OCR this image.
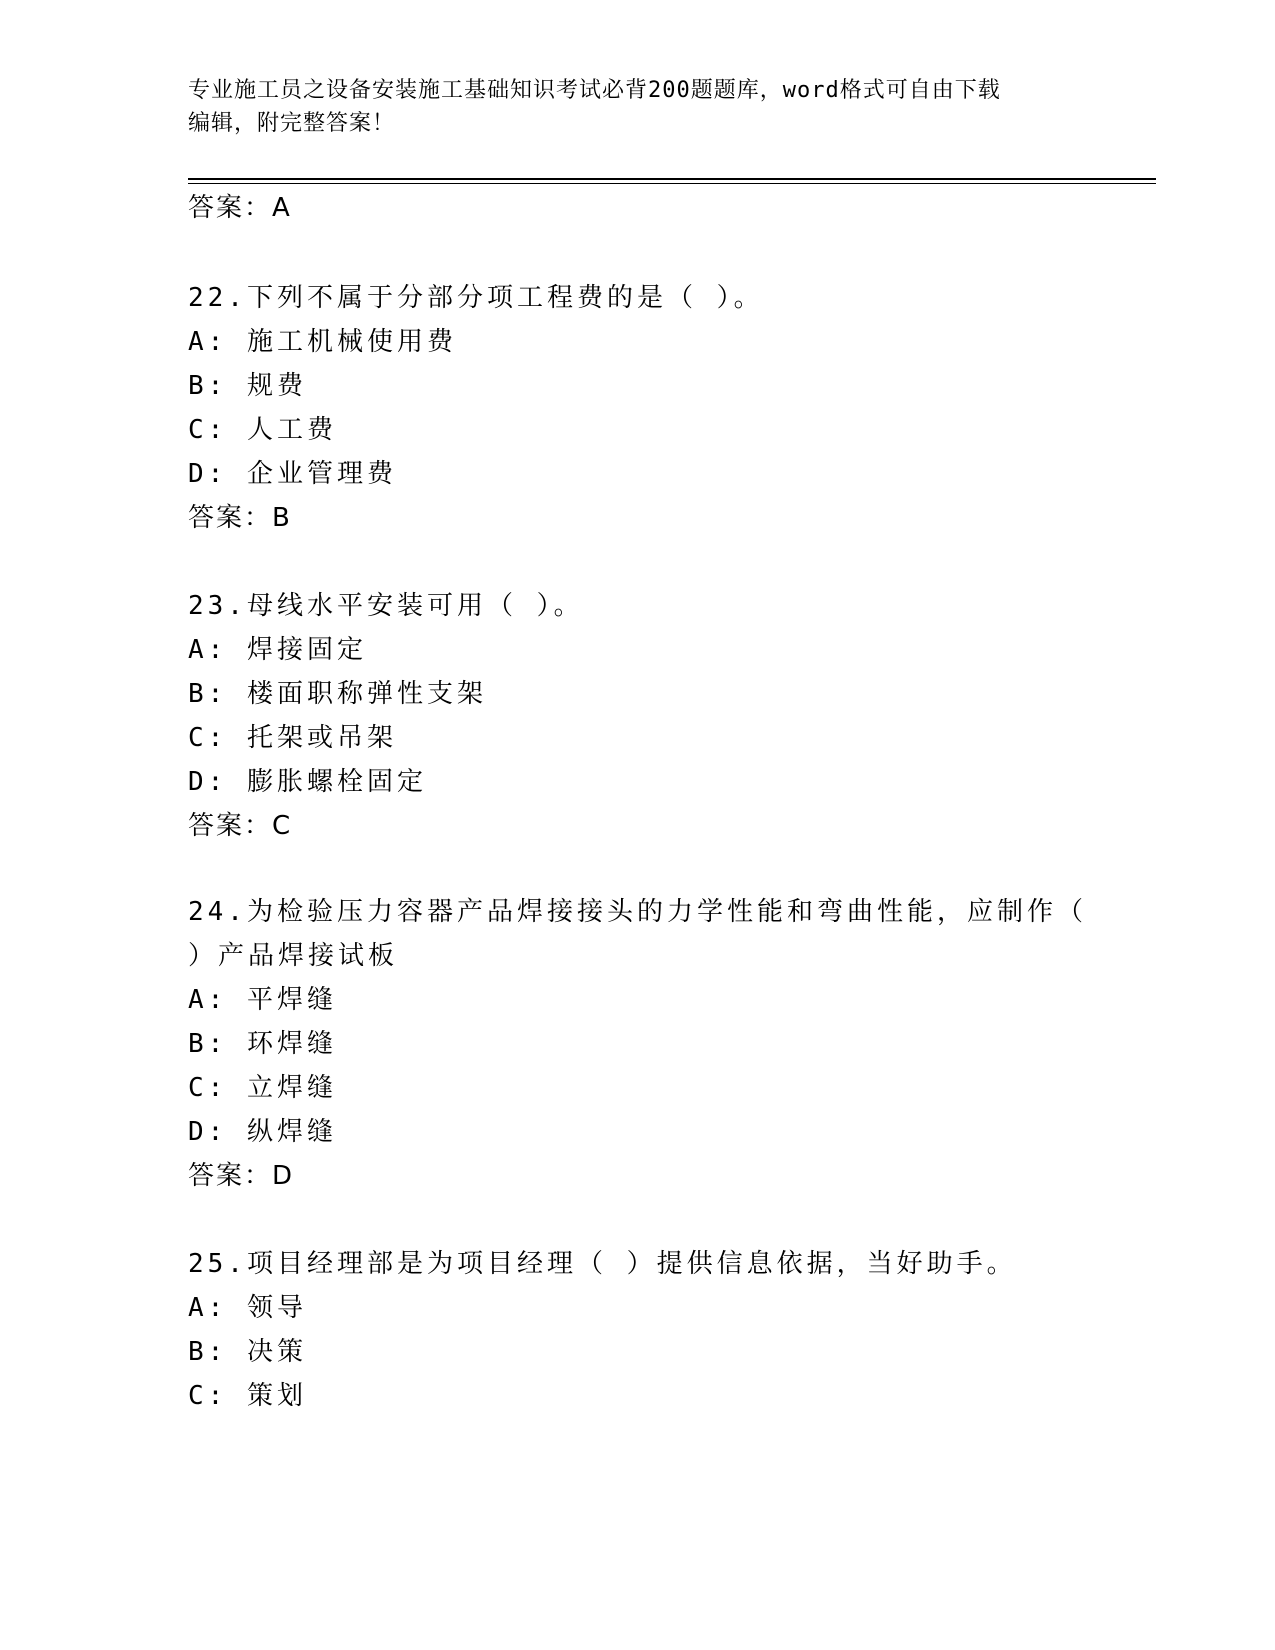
专业施工员之设备安装施工基础知识考试必背200题题库，word格式可自由下载
编辑，附完整答案！
答案：A
22.下列不属于分部分项工程费的是（ ）。
A: 施工机械使用费
B: 规费
C: 人工费
D: 企业管理费
答案：B
23.母线水平安装可用（ ）。
A: 焊接固定
B: 楼面职称弹性支架
C: 托架或吊架
D: 膨胀螺栓固定
答案：C
24.为检验压力容器产品焊接接头的力学性能和弯曲性能，应制作（
）产品焊接试板
A: 平焊缝
B: 环焊缝
C: 立焊缝
D: 纵焊缝
答案：D
25.项目经理部是为项目经理（ ）提供信息依据，当好助手。
A: 领导
B: 决策
C: 策划
